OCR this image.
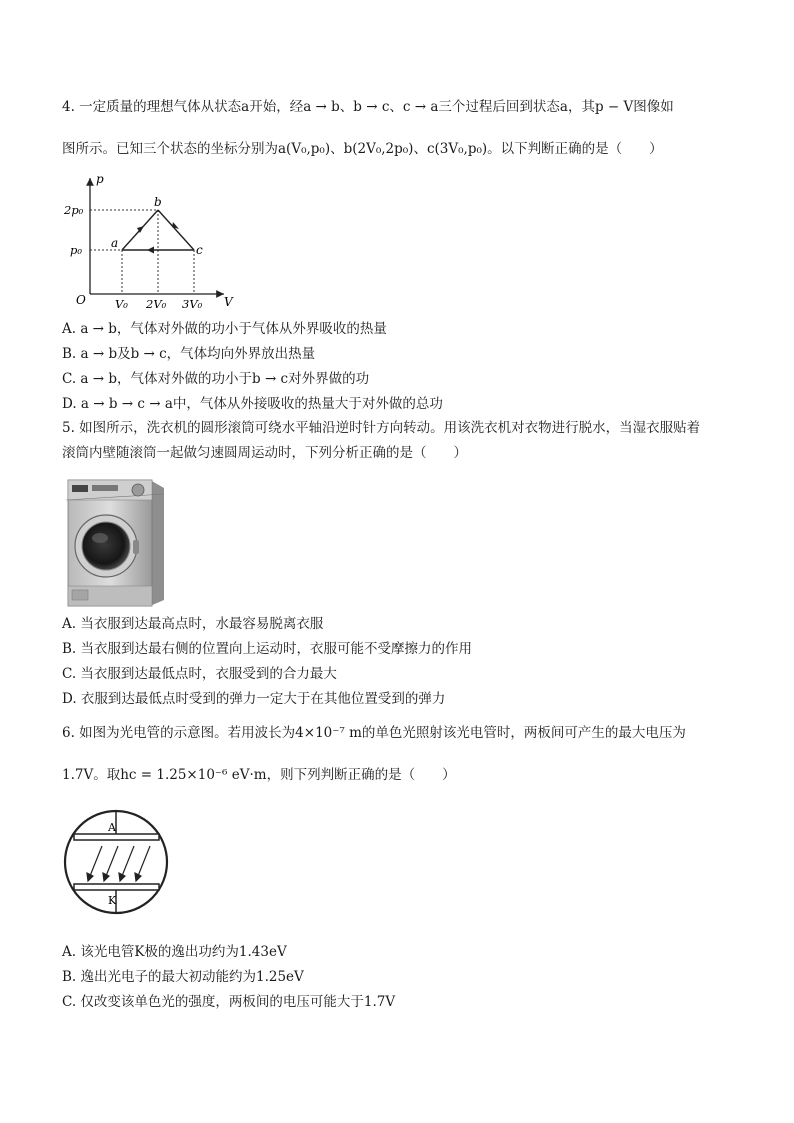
4. 一定质量的理想气体从状态a开始，经a → b、b → c、c → a三个过程后回到状态a，其p − V图像如
图所示。已知三个状态的坐标分别为a(V₀,p₀)、b(2V₀,2p₀)、c(3V₀,p₀)。以下判断正确的是（　　）
p
V
O
2p₀
p₀
V₀ 2V₀ 3V₀
a
b
c
A. a → b，气体对外做的功小于气体从外界吸收的热量
B. a → b及b → c，气体均向外界放出热量
C. a → b，气体对外做的功小于b → c对外界做的功
D. a → b → c → a中，气体从外接吸收的热量大于对外做的总功
5. 如图所示，洗衣机的圆形滚筒可绕水平轴沿逆时针方向转动。用该洗衣机对衣物进行脱水，当湿衣服贴着
滚筒内壁随滚筒一起做匀速圆周运动时，下列分析正确的是（　　）
A. 当衣服到达最高点时，水最容易脱离衣服
B. 当衣服到达最右侧的位置向上运动时，衣服可能不受摩擦力的作用
C. 当衣服到达最低点时，衣服受到的合力最大
D. 衣服到达最低点时受到的弹力一定大于在其他位置受到的弹力
6. 如图为光电管的示意图。若用波长为4×10⁻⁷ m的单色光照射该光电管时，两板间可产生的最大电压为
1.7V。取hc = 1.25×10⁻⁶ eV·m，则下列判断正确的是（　　）
A
K
A. 该光电管K极的逸出功约为1.43eV
B. 逸出光电子的最大初动能约为1.25eV
C. 仅改变该单色光的强度，两板间的电压可能大于1.7V
